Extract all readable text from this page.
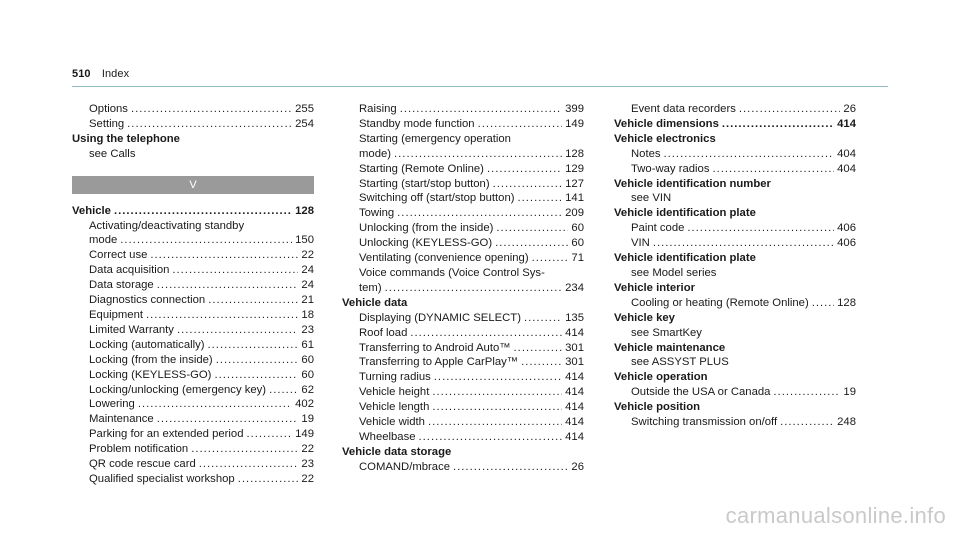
510 Index
Options .....	255
Setting .....	254
Using the telephone
see Calls
V
Vehicle .....	128
Activating/deactivating standby
mode .....	150
Correct use .....	22
Data acquisition .....	24
Data storage .....	24
Diagnostics connection .....	21
Equipment .....	18
Limited Warranty .....	23
Locking (automatically) .....	61
Locking (from the inside) .....	60
Locking (KEYLESS-GO) .....	60
Locking/unlocking (emergency key) .....	62
Lowering .....	402
Maintenance .....	19
Parking for an extended period .....	149
Problem notification .....	22
QR code rescue card .....	23
Qualified specialist workshop .....	22
Raising .....	399
Standby mode function .....	149
Starting (emergency operation
mode) .....	128
Starting (Remote Online) .....	129
Starting (start/stop button) .....	127
Switching off (start/stop button) .....	141
Towing .....	209
Unlocking (from the inside) .....	60
Unlocking (KEYLESS-GO) .....	60
Ventilating (convenience opening) .....	71
Voice commands (Voice Control Sys-
tem) .....	234
Vehicle data
Displaying (DYNAMIC SELECT) .....	135
Roof load .....	414
Transferring to Android Auto™ .....	301
Transferring to Apple CarPlay™ .....	301
Turning radius .....	414
Vehicle height .....	414
Vehicle length .....	414
Vehicle width .....	414
Wheelbase .....	414
Vehicle data storage
COMAND/mbrace .....	26
Event data recorders .....	26
Vehicle dimensions .....	414
Vehicle electronics
Notes .....	404
Two-way radios .....	404
Vehicle identification number
see VIN
Vehicle identification plate
Paint code .....	406
VIN .....	406
Vehicle identification plate
see Model series
Vehicle interior
Cooling or heating (Remote Online) .....	128
Vehicle key
see SmartKey
Vehicle maintenance
see ASSYST PLUS
Vehicle operation
Outside the USA or Canada .....	19
Vehicle position
Switching transmission on/off .....	248
carmanualsonline.info
